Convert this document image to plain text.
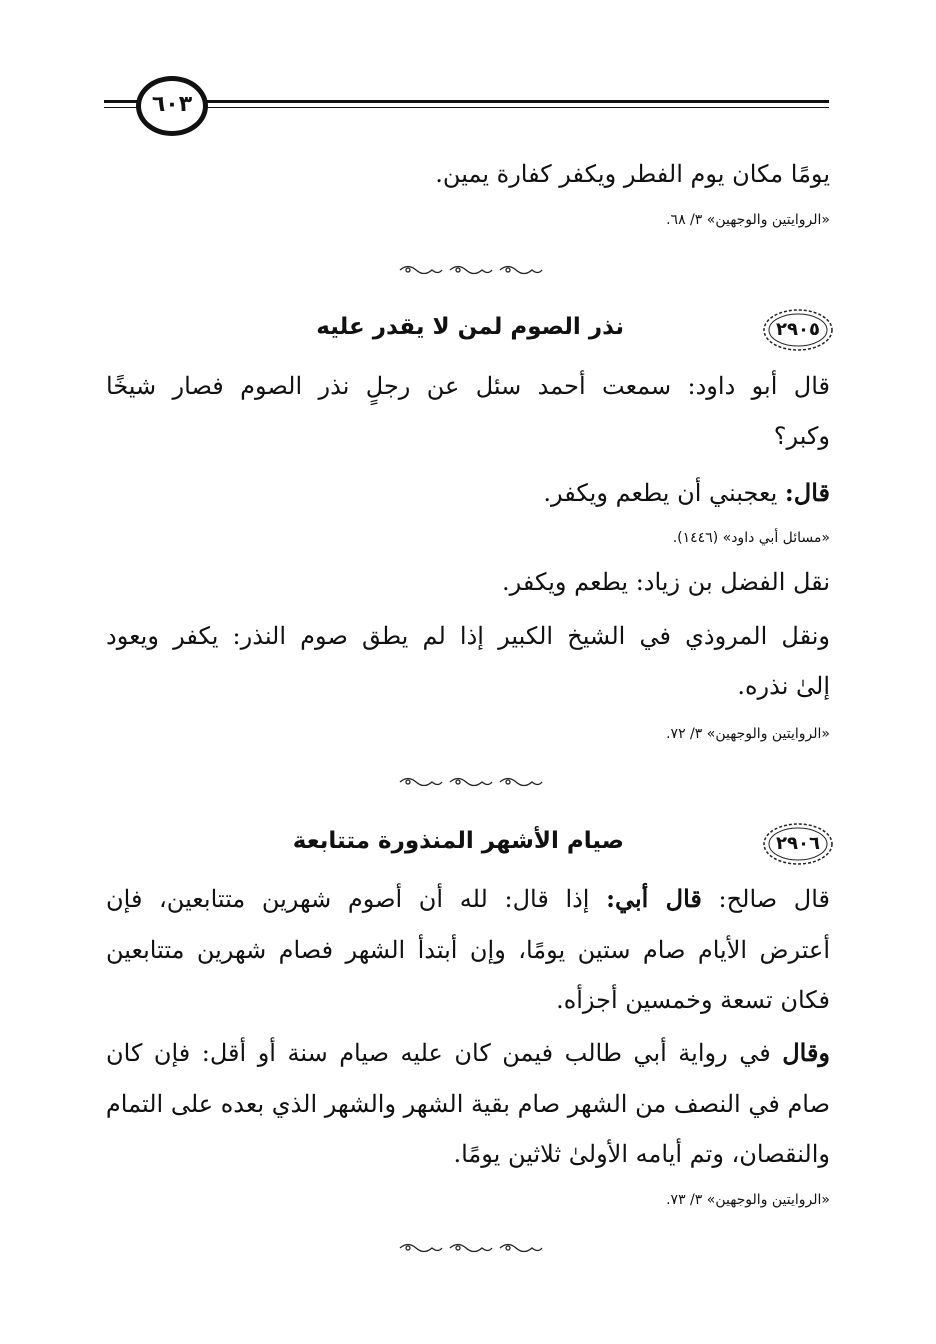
٦٠٣
يومًا مكان يوم الفطر ويكفر كفارة يمين.
«الروايتين والوجهين» ٣/ ٦٨.
٢٩٠٥
نذر الصوم لمن لا يقدر عليه
قال أبو داود: سمعت أحمد سئل عن رجلٍ نذر الصوم فصار شيخًا
وكبر؟
قال: يعجبني أن يطعم ويكفر.
«مسائل أبي داود» (١٤٤٦).
نقل الفضل بن زياد: يطعم ويكفر.
ونقل المروذي في الشيخ الكبير إذا لم يطق صوم النذر: يكفر ويعود
إلىٰ نذره.
«الروايتين والوجهين» ٣/ ٧٢.
٢٩٠٦
صيام الأشهر المنذورة متتابعة
قال صالح: قال أبي: إذا قال: لله أن أصوم شهرين متتابعين، فإن
أعترض الأيام صام ستين يومًا، وإن أبتدأ الشهر فصام شهرين متتابعين
فكان تسعة وخمسين أجزأه.
وقال في رواية أبي طالب فيمن كان عليه صيام سنة أو أقل: فإن كان
صام في النصف من الشهر صام بقية الشهر والشهر الذي بعده على التمام
والنقصان، وتم أيامه الأولىٰ ثلاثين يومًا.
«الروايتين والوجهين» ٣/ ٧٣.
